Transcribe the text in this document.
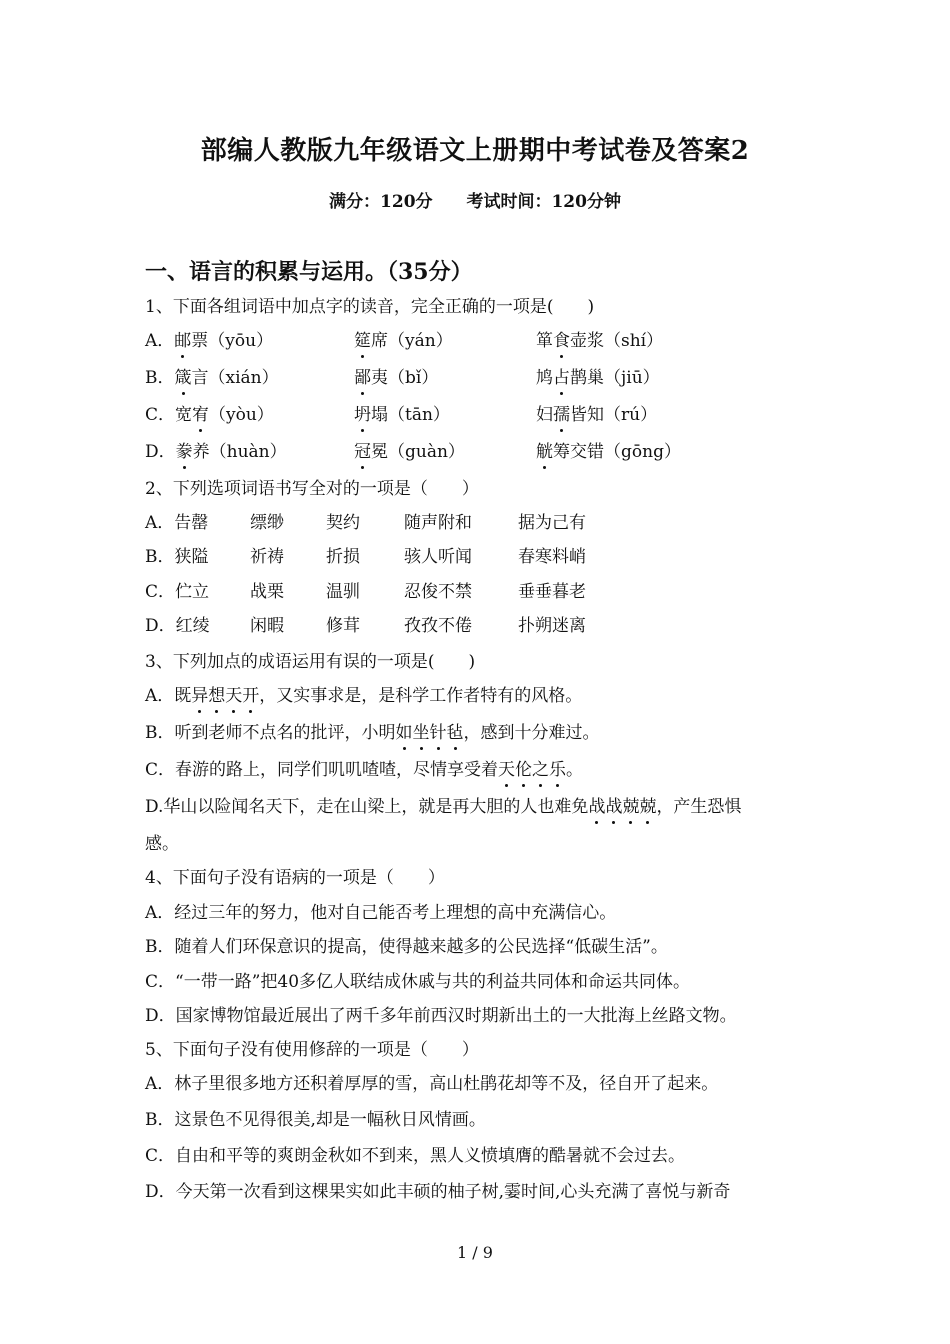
部编人教版九年级语文上册期中考试卷及答案2
满分：120分 考试时间：120分钟
一、语言的积累与运用。（35分）
1、下面各组词语中加点字的读音，完全正确的一项是(　　)
A．邮票（yōu）	筵席（yán）	箪食壶浆（shí）
B．箴言（xián）	鄙夷（bǐ）	鸠占鹊巢（jiū）
C．宽宥（yòu）	坍塌（tān）	妇孺皆知（rú）
D．豢养（huàn）	冠冕（guàn）	觥筹交错（gōng）
2、下列选项词语书写全对的一项是（　　）
A．告罄 缥缈 契约	随声附和	据为己有
B．狭隘 祈祷 折损	骇人听闻	春寒料峭
C．伫立 战栗 温驯	忍俊不禁	垂垂暮老
D．红绫 闲暇 修茸	孜孜不倦	扑朔迷离
3、下列加点的成语运用有误的一项是(　　)
A．既异想天开，又实事求是，是科学工作者特有的风格。
B．听到老师不点名的批评，小明如坐针毡，感到十分难过。
C．春游的路上，同学们叽叽喳喳，尽情享受着天伦之乐。
D.华山以险闻名天下，走在山梁上，就是再大胆的人也难免战战兢兢，产生恐惧
感。
4、下面句子没有语病的一项是（　　）
A．经过三年的努力，他对自己能否考上理想的高中充满信心。
B．随着人们环保意识的提高，使得越来越多的公民选择“低碳生活”。
C．“一带一路”把40多亿人联结成休戚与共的利益共同体和命运共同体。
D．国家博物馆最近展出了两千多年前西汉时期新出土的一大批海上丝路文物。
5、下面句子没有使用修辞的一项是（　　）
A．林子里很多地方还积着厚厚的雪，高山杜鹃花却等不及，径自开了起来。
B．这景色不见得很美,却是一幅秋日风情画。
C．自由和平等的爽朗金秋如不到来，黑人义愤填膺的酷暑就不会过去。
D．今天第一次看到这棵果实如此丰硕的柚子树,霎时间,心头充满了喜悦与新奇
1 / 9
